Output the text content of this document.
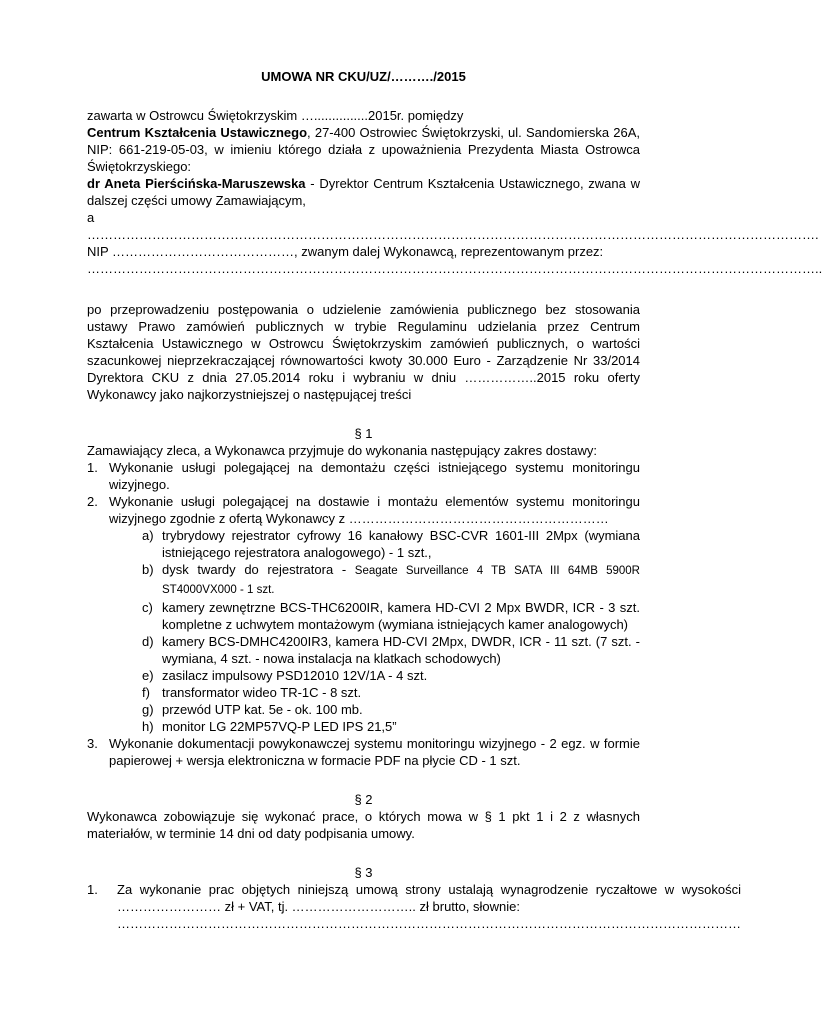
UMOWA NR CKU/UZ/………./2015

zawarta w Ostrowcu Świętokrzyskim …...............2015r. pomiędzy

Centrum Kształcenia Ustawicznego, 27-400 Ostrowiec Świętokrzyski, ul. Sandomierska 26A, NIP: 661-219-05-03, w imieniu którego działa z upoważnienia Prezydenta Miasta Ostrowca Świętokrzyskiego:

dr Aneta Pierścińska-Maruszewska - Dyrektor Centrum Kształcenia Ustawicznego, zwana w dalszej części umowy Zamawiającym,

a

…………………………………………………………………………………………………………………………………………………….

NIP ……………………………………, zwanym dalej Wykonawcą, reprezentowanym przez:

……………………………………………………………………………………………………………………………………………………..

po przeprowadzeniu postępowania o udzielenie zamówienia publicznego bez stosowania ustawy Prawo zamówień publicznych w trybie Regulaminu udzielania przez Centrum Kształcenia Ustawicznego w Ostrowcu Świętokrzyskim zamówień publicznych, o wartości szacunkowej nieprzekraczającej równowartości kwoty 30.000 Euro - Zarządzenie Nr 33/2014 Dyrektora CKU z dnia 27.05.2014 roku i wybraniu w dniu ……………..2015 roku oferty Wykonawcy jako najkorzystniejszej o następującej treści

§ 1

Zamawiający zleca, a Wykonawca przyjmuje do wykonania następujący zakres dostawy:

1. Wykonanie usługi polegającej na demontażu części istniejącego systemu monitoringu wizyjnego.
2. Wykonanie usługi polegającej na dostawie i montażu elementów systemu monitoringu wizyjnego zgodnie z ofertą Wykonawcy z ……………………………………………………
a) trybrydowy rejestrator cyfrowy 16 kanałowy BSC-CVR 1601-III 2Mpx (wymiana istniejącego rejestratora analogowego) - 1 szt.,
b) dysk twardy do rejestratora - Seagate Surveillance 4 TB SATA III 64MB 5900R ST4000VX000 - 1 szt.
c) kamery zewnętrzne BCS-THC6200IR, kamera HD-CVI 2 Mpx BWDR, ICR - 3 szt. kompletne z uchwytem montażowym (wymiana istniejących kamer analogowych)
d) kamery BCS-DMHC4200IR3, kamera HD-CVI 2Mpx, DWDR, ICR - 11 szt. (7 szt. - wymiana, 4 szt. - nowa instalacja na klatkach schodowych)
e) zasilacz impulsowy PSD12010 12V/1A - 4 szt.
f) transformator wideo TR-1C - 8 szt.
g) przewód UTP kat. 5e - ok. 100 mb.
h) monitor LG 22MP57VQ-P LED IPS 21,5”
3. Wykonanie dokumentacji powykonawczej systemu monitoringu wizyjnego - 2 egz. w formie papierowej + wersja elektroniczna w formacie PDF na płycie CD - 1 szt.

§ 2

Wykonawca zobowiązuje się wykonać prace, o których mowa w § 1 pkt 1 i 2 z własnych materiałów, w terminie 14 dni od daty podpisania umowy.

§ 3

1.	Za wykonanie prac objętych niniejszą umową strony ustalają wynagrodzenie ryczałtowe w wysokości …………………… zł + VAT, tj. ……………………….. zł brutto, słownie:

………………………………………………………………………………………………………………………………
